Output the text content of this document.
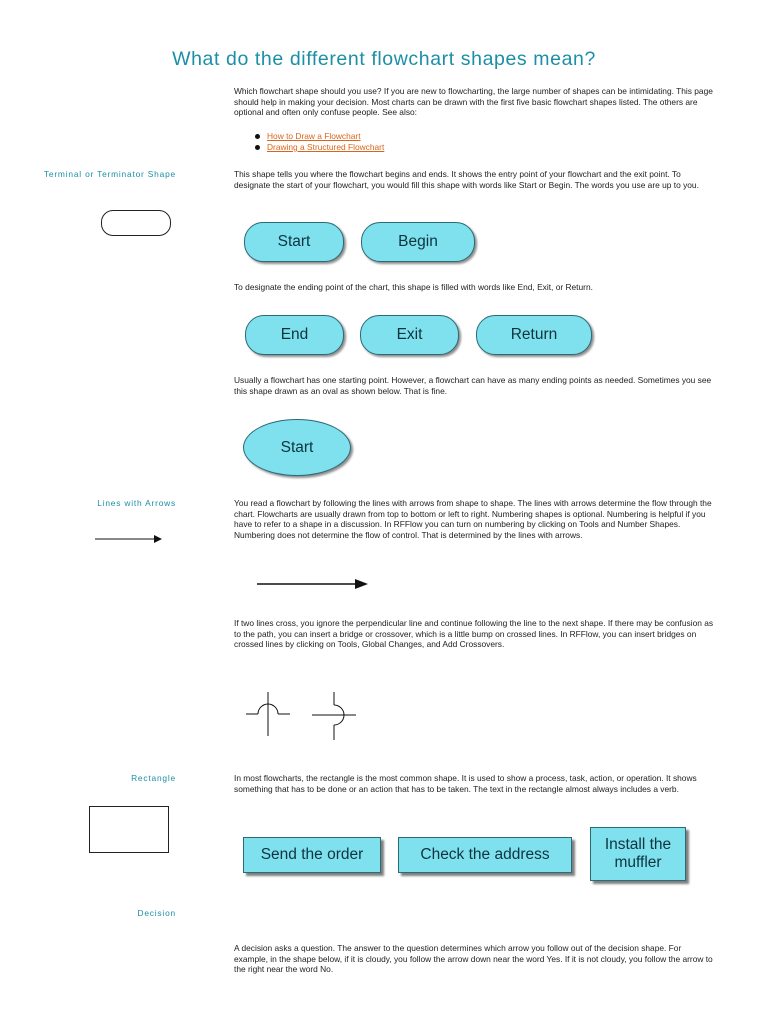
What do the different flowchart shapes mean?
Which flowchart shape should you use? If you are new to flowcharting, the large number of shapes can be intimidating. This page should help in making your decision. Most charts can be drawn with the first five basic flowchart shapes listed. The others are optional and often only confuse people. See also:
How to Draw a Flowchart
Drawing a Structured Flowchart
Terminal or Terminator Shape	This shape tells you where the flowchart begins and ends. It shows the entry point of your flowchart and the exit point. To designate the start of your flowchart, you would fill this shape with words like Start or Begin. The words you use are up to you.
Start	Begin
To designate the ending point of the chart, this shape is filled with words like End, Exit, or Return.
End	Exit	Return
Usually a flowchart has one starting point. However, a flowchart can have as many ending points as needed. Sometimes you see this shape drawn as an oval as shown below. That is fine.
Start
Lines with Arrows	You read a flowchart by following the lines with arrows from shape to shape. The lines with arrows determine the flow through the chart. Flowcharts are usually drawn from top to bottom or left to right. Numbering shapes is optional. Numbering is helpful if you have to refer to a shape in a discussion. In RFFlow you can turn on numbering by clicking on Tools and Number Shapes. Numbering does not determine the flow of control. That is determined by the lines with arrows.
If two lines cross, you ignore the perpendicular line and continue following the line to the next shape. If there may be confusion as to the path, you can insert a bridge or crossover, which is a little bump on crossed lines. In RFFlow, you can insert bridges on crossed lines by clicking on Tools, Global Changes, and Add Crossovers.
Rectangle	In most flowcharts, the rectangle is the most common shape. It is used to show a process, task, action, or operation. It shows something that has to be done or an action that has to be taken. The text in the rectangle almost always includes a verb.
Send the order	Check the address
Install the muffler
Decision
A decision asks a question. The answer to the question determines which arrow you follow out of the decision shape. For example, in the shape below, if it is cloudy, you follow the arrow down near the word Yes. If it is not cloudy, you follow the arrow to the right near the word No.
